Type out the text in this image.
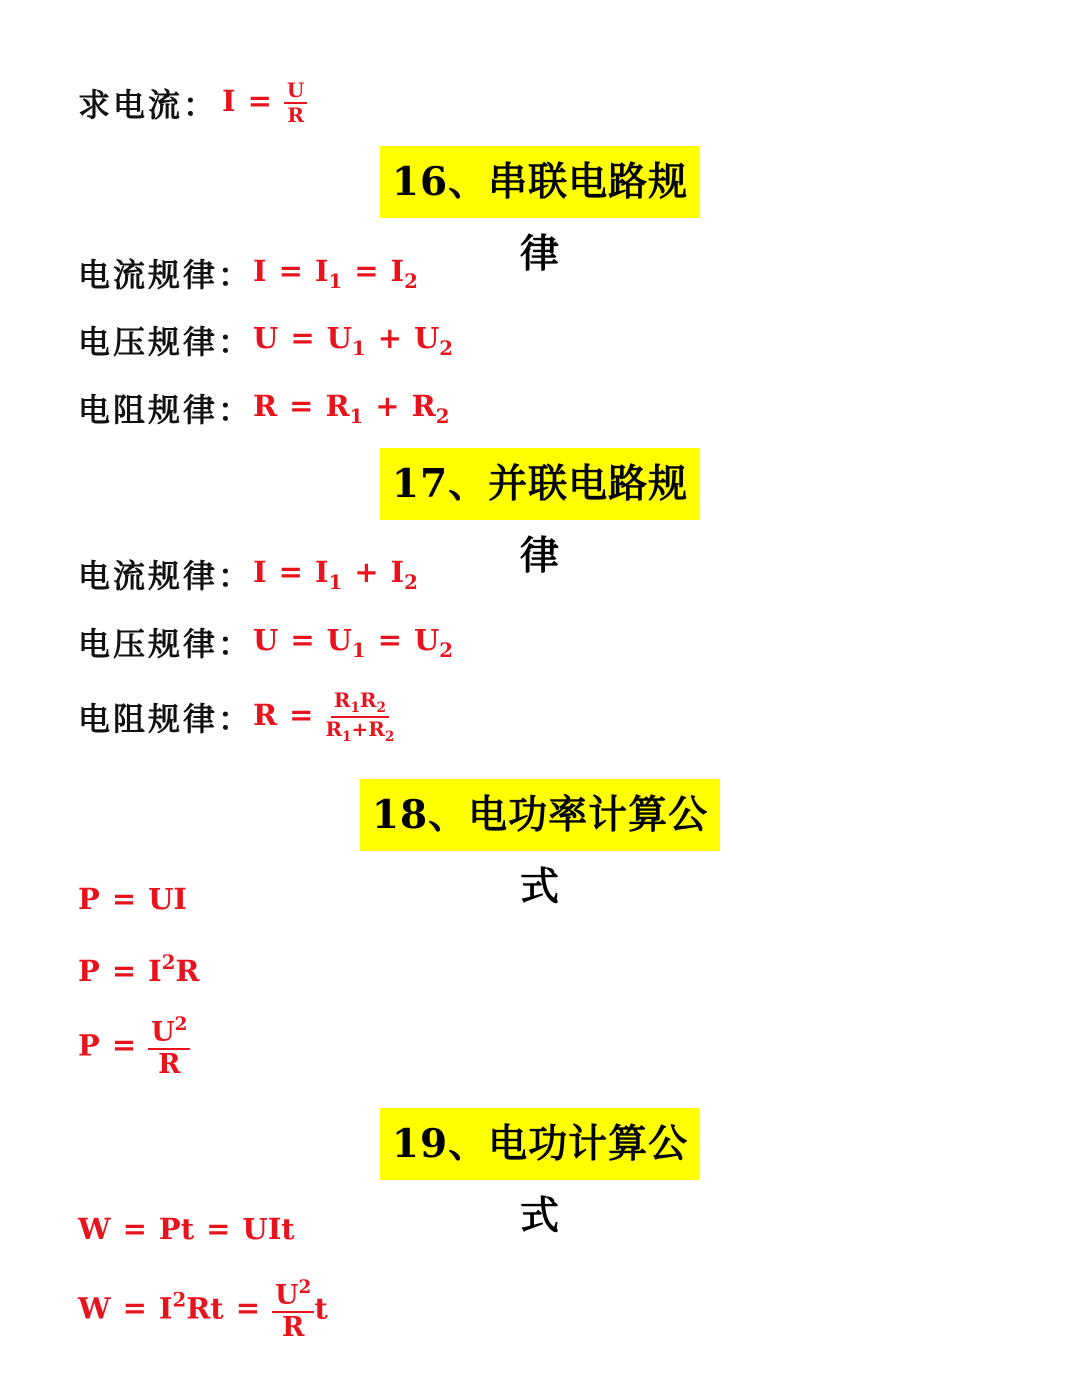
求电流： $I = \frac{U}{R}$
16、串联电路规律
电流规律： $I = I_1 = I_2$
电压规律： $U = U_1 + U_2$
电阻规律： $R = R_1 + R_2$
17、并联电路规律
电流规律： $I = I_1 + I_2$
电压规律： $U = U_1 = U_2$
电阻规律： $R = \frac{R_1R_2}{R_1+R_2}$
18、电功率计算公式
P = UI
$P = I^2R$
$P = \frac{U^2}{R}$
19、电功计算公式
W = Pt = UIt
$W = I^2Rt = \frac{U^2}{R}$ t
